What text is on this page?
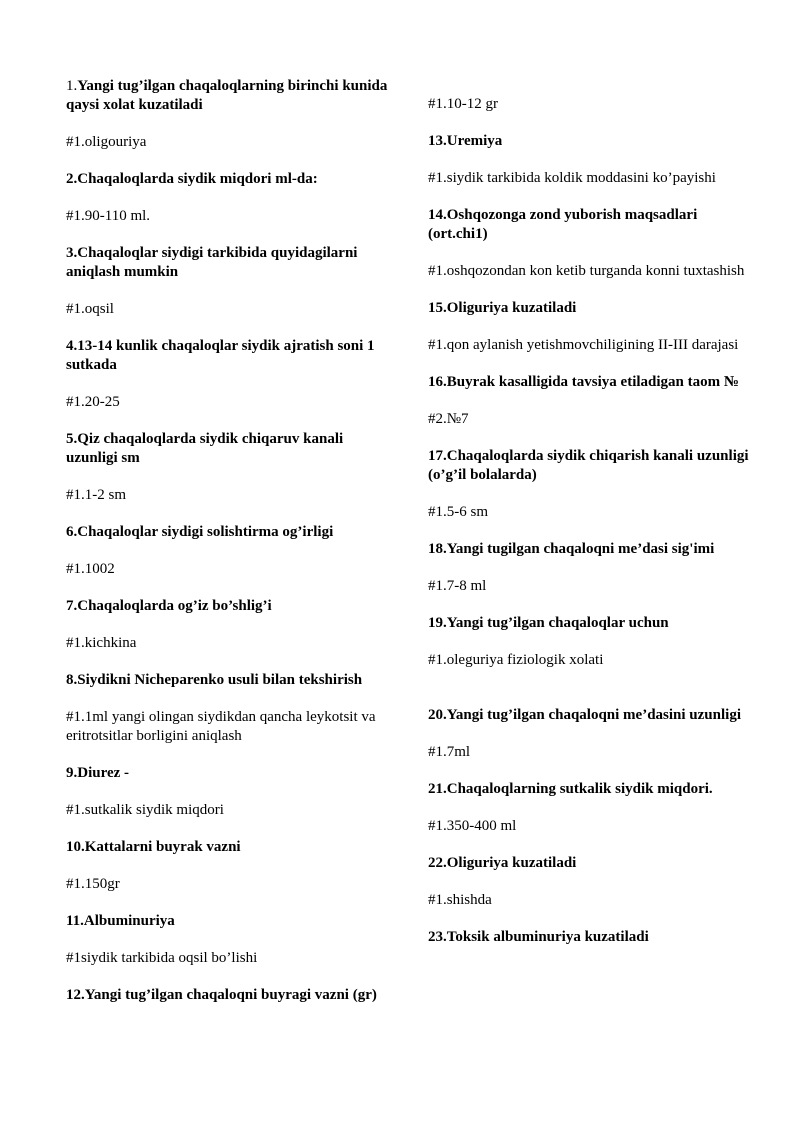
1.Yangi tug’ilgan chaqaloqlarning birinchi kunida qaysi xolat kuzatiladi

#1.oligouriya

2.Chaqaloqlarda siydik miqdori ml-da:

#1.90-110 ml.

3.Chaqaloqlar siydigi tarkibida quyidagilarni aniqlash mumkin

#1.oqsil

4.13-14 kunlik chaqaloqlar siydik ajratish soni 1 sutkada

#1.20-25

5.Qiz chaqaloqlarda siydik chiqaruv kanali uzunligi sm

#1.1-2 sm

6.Chaqaloqlar siydigi solishtirma og’irligi

#1.1002

7.Chaqaloqlarda og’iz bo’shlig’i

#1.kichkina

8.Siydikni Nicheparenko usuli bilan tekshirish

#1.1ml yangi olingan siydikdan qancha leykotsit va eritrotsitlar borligini aniqlash

9.Diurez -

#1.sutkalik siydik miqdori

10.Kattalarni buyrak vazni

#1.150gr

11.Albuminuriya

#1siydik tarkibida oqsil bo’lishi

12.Yangi tug’ilgan chaqaloqni buyragi vazni (gr)

#1.10-12 gr

13.Uremiya

#1.siydik tarkibida koldik moddasini ko’payishi

14.Oshqozonga zond yuborish maqsadlari (ort.chi1)

#1.oshqozondan kon ketib turganda konni tuxtashish

15.Oliguriya kuzatiladi

#1.qon aylanish yetishmovchiligining II-III darajasi

16.Buyrak kasalligida tavsiya etiladigan taom №

#2.№7

17.Chaqaloqlarda siydik chiqarish kanali uzunligi (o’g’il bolalarda)

#1.5-6 sm

18.Yangi tugilgan chaqaloqni me’dasi sig'imi

#1.7-8 ml

19.Yangi tug’ilgan chaqaloqlar uchun

#1.oleguriya fiziologik xolati

20.Yangi tug’ilgan chaqaloqni me’dasini uzunligi

#1.7ml

21.Chaqaloqlarning sutkalik siydik miqdori.

#1.350-400 ml

22.Oliguriya kuzatiladi

#1.shishda

23.Toksik albuminuriya kuzatiladi
